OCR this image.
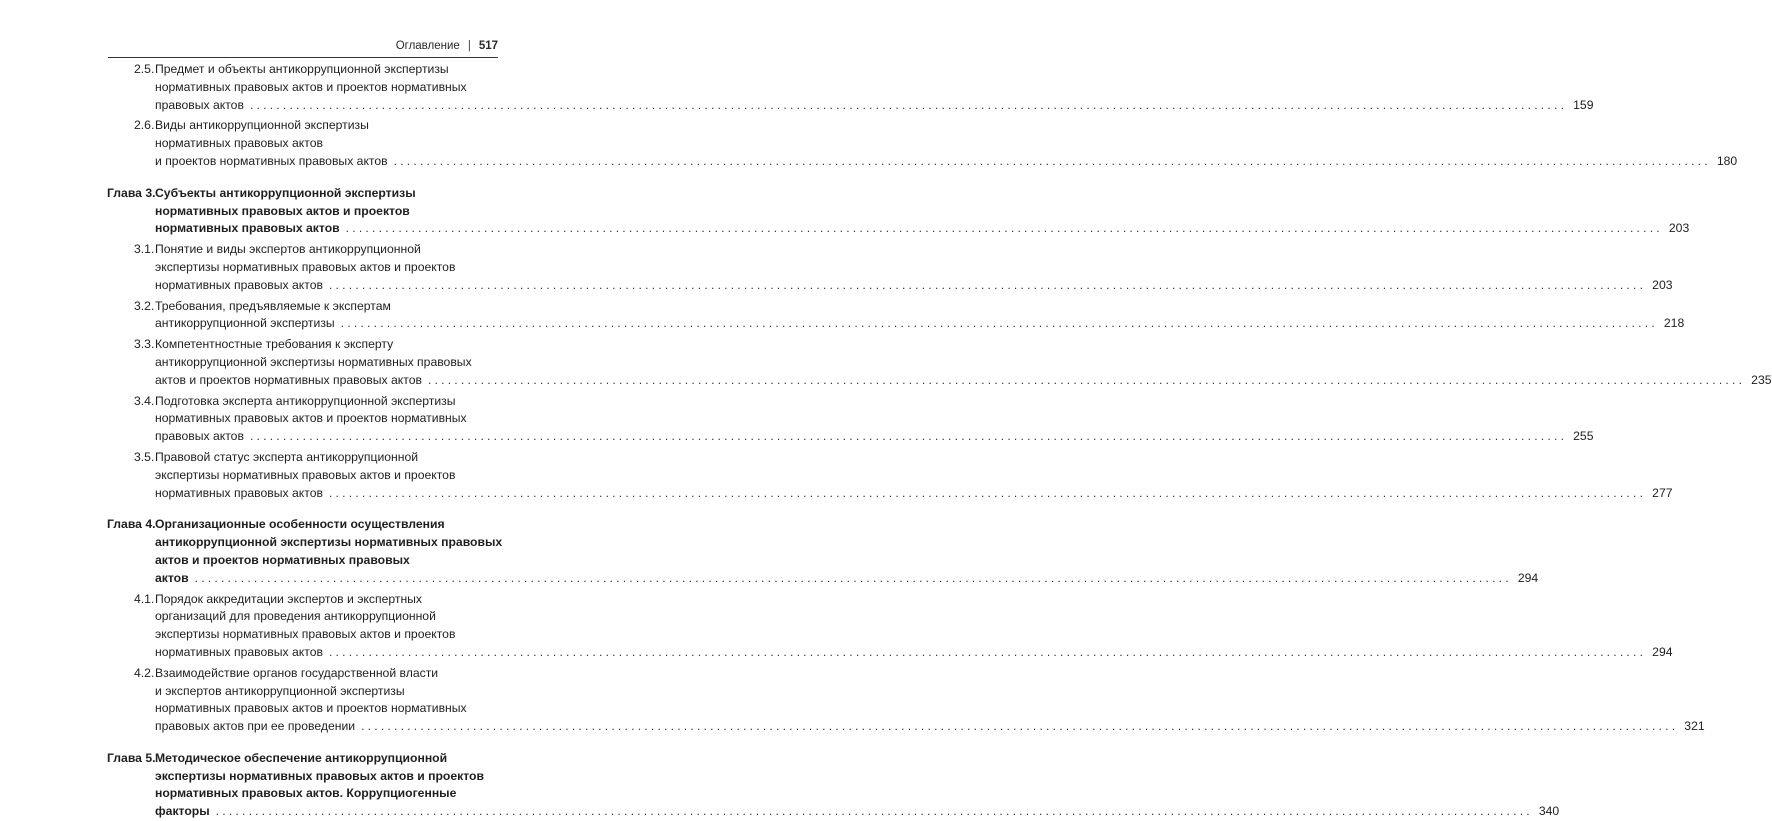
Оглавление | 517
2.5. Предмет и объекты антикоррупционной экспертизы
нормативных правовых актов и проектов нормативных
правовых актов ........................................................................................................................................................................................................ 159
2.6. Виды антикоррупционной экспертизы
нормативных правовых актов
и проектов нормативных правовых актов ........................................................................................................................................................................................................ 180
Глава 3. Субъекты антикоррупционной экспертизы
нормативных правовых актов и проектов
нормативных правовых актов ........................................................................................................................................................................................................ 203
3.1. Понятие и виды экспертов антикоррупционной
экспертизы нормативных правовых актов и проектов
нормативных правовых актов ........................................................................................................................................................................................................ 203
3.2. Требования, предъявляемые к экспертам
антикоррупционной экспертизы ........................................................................................................................................................................................................ 218
3.3. Компетентностные требования к эксперту
антикоррупционной экспертизы нормативных правовых
актов и проектов нормативных правовых актов ........................................................................................................................................................................................................ 235
3.4. Подготовка эксперта антикоррупционной экспертизы
нормативных правовых актов и проектов нормативных
правовых актов ........................................................................................................................................................................................................ 255
3.5. Правовой статус эксперта антикоррупционной
экспертизы нормативных правовых актов и проектов
нормативных правовых актов ........................................................................................................................................................................................................ 277
Глава 4. Организационные особенности осуществления
антикоррупционной экспертизы нормативных правовых
актов и проектов нормативных правовых
актов ........................................................................................................................................................................................................ 294
4.1. Порядок аккредитации экспертов и экспертных
организаций для проведения антикоррупционной
экспертизы нормативных правовых актов и проектов
нормативных правовых актов ........................................................................................................................................................................................................ 294
4.2. Взаимодействие органов государственной власти
и экспертов антикоррупционной экспертизы
нормативных правовых актов и проектов нормативных
правовых актов при ее проведении ........................................................................................................................................................................................................ 321
Глава 5. Методическое обеспечение антикоррупционной
экспертизы нормативных правовых актов и проектов
нормативных правовых актов. Коррупциогенные
факторы ........................................................................................................................................................................................................ 340
